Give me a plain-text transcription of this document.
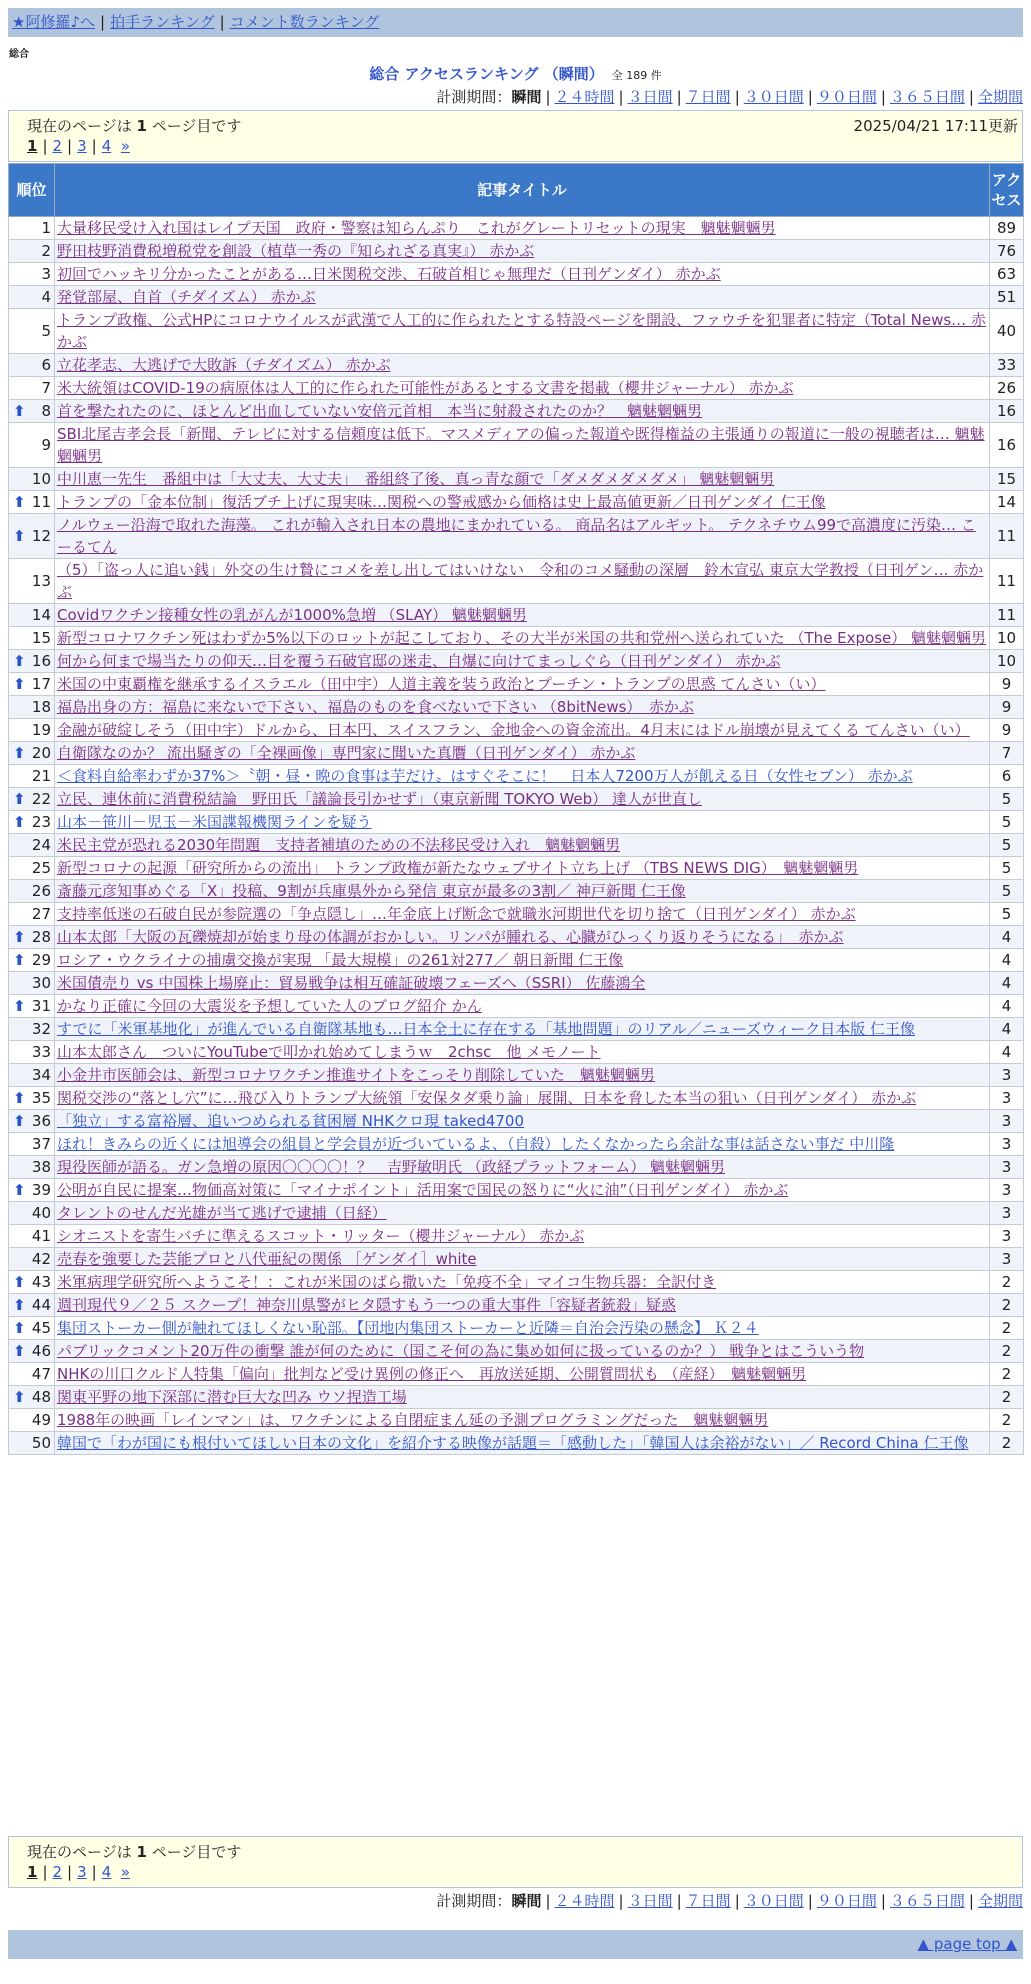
★阿修羅♪へ | 拍手ランキング | コメント数ランキング
総合
総合 アクセスランキング （瞬間） 全 189 件
計測期間：瞬間 | ２４時間 | ３日間 | ７日間 | ３０日間 | ９０日間 | ３６５日間 | 全期間
現在のページは 1 ページ目です	2025/04/21 17:11更新
1 | 2 | 3 | 4 »
順位	記事タイトル	アクセス
1	大量移民受け入れ国はレイプ天国　政府・警察は知らんぷり　これがグレートリセットの現実　魑魅魍魎男	89
2	野田枝野消費税増税党を創設（植草一秀の『知られざる真実』） 赤かぶ	76
3	初回でハッキリ分かったことがある…日米関税交渉、石破首相じゃ無理だ（日刊ゲンダイ） 赤かぶ	63
4	発覚部屋、自首（チダイズム） 赤かぶ	51
5	トランプ政権、公式HPにコロナウイルスが武漢で人工的に作られたとする特設ページを開設、ファウチを犯罪者に特定（Total News… 赤かぶ	40
6	立花孝志、大逃げで大敗訴（チダイズム） 赤かぶ	33
7	米大統領はCOVID-19の病原体は人工的に作られた可能性があるとする文書を掲載（櫻井ジャーナル） 赤かぶ	26

⬆ 8	首を撃たれたのに、ほとんど出血していない安倍元首相　本当に射殺されたのか？　魑魅魍魎男	16
9	SBI北尾吉孝会長「新聞、テレビに対する信頼度は低下。マスメディアの偏った報道や既得権益の主張通りの報道に一般の視聴者は… 魑魅魍魎男	16
10	中川恵一先生　番組中は「大丈夫、大丈夫」　番組終了後、真っ青な顔で「ダメダメダメダメ」 魑魅魍魎男	15

⬆ 11	トランプの「金本位制」復活ブチ上げに現実味…関税への警戒感から価格は史上最高値更新／日刊ゲンダイ 仁王像	14

⬆ 12	ノルウェー沿海で取れた海藻。 これが輸入され日本の農地にまかれている。 商品名はアルギット。 テクネチウム99で高濃度に汚染… こーるてん	11
13	（5）「盗っ人に追い銭」外交の生け贄にコメを差し出してはいけない　令和のコメ騒動の深層　鈴木宣弘 東京大学教授（日刊ゲン… 赤かぶ	11
14	Covidワクチン接種女性の乳がんが1000%急増 （SLAY） 魑魅魍魎男	11
15	新型コロナワクチン死はわずか5%以下のロットが起こしており、その大半が米国の共和党州へ送られていた （The Expose） 魑魅魍魎男	10

⬆ 16	何から何まで場当たりの仰天…目を覆う石破官邸の迷走、自爆に向けてまっしぐら（日刊ゲンダイ） 赤かぶ	10

⬆ 17	米国の中東覇権を継承するイスラエル（田中宇）人道主義を装う政治とプーチン・トランプの思惑 てんさい（い）	9
18	福島出身の方：福島に来ないで下さい、福島のものを食べないで下さい （8bitNews）　赤かぶ	9
19	金融が破綻しそう（田中宇）ドルから、日本円、スイスフラン、金地金への資金流出。4月末にはドル崩壊が見えてくる てんさい（い）	9

⬆ 20	自衛隊なのか？ 流出騒ぎの「全裸画像」専門家に聞いた真贋（日刊ゲンダイ） 赤かぶ	7
21	＜食料自給率わずか37%＞〝朝・昼・晩の食事は芋だけ〟はすぐそこに！　日本人7200万人が飢える日（女性セブン） 赤かぶ	6

⬆ 22	立民、連休前に消費税結論　野田氏「議論長引かせず」（東京新聞 TOKYO Web） 達人が世直し	5

⬆ 23	山本－笹川－児玉－米国諜報機関ラインを疑う	5
24	米民主党が恐れる2030年問題　支持者補填のための不法移民受け入れ　魑魅魍魎男	5
25	新型コロナの起源「研究所からの流出」 トランプ政権が新たなウェブサイト立ち上げ （TBS NEWS DIG）　魑魅魍魎男	5
26	斎藤元彦知事めぐる「X」投稿、9割が兵庫県外から発信 東京が最多の3割／ 神戸新聞 仁王像	5
27	支持率低迷の石破自民が参院選の「争点隠し」…年金底上げ断念で就職氷河期世代を切り捨て（日刊ゲンダイ） 赤かぶ	5

⬆ 28	山本太郎「大阪の瓦礫焼却が始まり母の体調がおかしい。リンパが腫れる、心臓がひっくり返りそうになる」　赤かぶ	4

⬆ 29	ロシア・ウクライナの捕虜交換が実現 「最大規模」の261対277／ 朝日新聞 仁王像	4
30	米国債売り vs 中国株上場廃止：貿易戦争は相互確証破壊フェーズへ（SSRI） 佐藤鴻全	4

⬆ 31	かなり正確に今回の大震災を予想していた人のブログ紹介 かん	4
32	すでに「米軍基地化」が進んでいる自衛隊基地も…日本全土に存在する「基地問題」のリアル／ニューズウィーク日本版 仁王像	4
33	山本太郎さん　ついにYouTubeで叩かれ始めてしまうｗ　2chsc　他 メモノート	4
34	小金井市医師会は、新型コロナワクチン推進サイトをこっそり削除していた　魑魅魍魎男	3

⬆ 35	関税交渉の“落とし穴”に…飛び入りトランプ大統領「安保タダ乗り論」展開、日本を脅した本当の狙い（日刊ゲンダイ） 赤かぶ	3

⬆ 36	「独立」する富裕層、追いつめられる貧困層 NHKクロ現 taked4700	3
37	ほれ！きみらの近くには旭導会の組員と学会員が近づいているよ、（自殺）したくなかったら余計な事は話さない事だ 中川隆	3
38	現役医師が語る。ガン急増の原因〇〇〇〇！？　吉野敏明氏 （政経プラットフォーム） 魑魅魍魎男	3

⬆ 39	公明が自民に提案…物価高対策に「マイナポイント」活用案で国民の怒りに“火に油”（日刊ゲンダイ） 赤かぶ	3
40	タレントのせんだ光雄が当て逃げで逮捕（日経）	3
41	シオニストを寄生バチに準えるスコット・リッター（櫻井ジャーナル） 赤かぶ	3
42	売春を強要した芸能プロと八代亜紀の関係 ［ゲンダイ］white	3

⬆ 43	米軍病理学研究所へようこそ！：これが米国のばら撒いた「免疫不全」マイコ生物兵器：全訳付き	2

⬆ 44	週刊現代９／２５ スクープ！神奈川県警がヒタ隠すもう一つの重大事件「容疑者銃殺」疑惑	2

⬆ 45	集団ストーカー側が触れてほしくない恥部。【団地内集団ストーカーと近隣＝自治会汚染の懸念】 Ｋ２４	2

⬆ 46	パブリックコメント20万件の衝撃 誰が何のために（国こそ何の為に集め如何に扱っているのか？） 戦争とはこういう物	2
47	NHKの川口クルド人特集「偏向」批判など受け異例の修正へ　再放送延期、公開質問状も （産経）　魑魅魍魎男	2

⬆ 48	関東平野の地下深部に潜む巨大な凹み ウソ捏造工場	2
49	1988年の映画「レインマン」は、ワクチンによる自閉症まん延の予測プログラミングだった　魑魅魍魎男	2
50	韓国で「わが国にも根付いてほしい日本の文化」を紹介する映像が話題＝「感動した」「韓国人は余裕がない」／ Record China 仁王像	2
現在のページは 1 ページ目です
1 | 2 | 3 | 4 »
計測期間：瞬間 | ２４時間 | ３日間 | ７日間 | ３０日間 | ９０日間 | ３６５日間 | 全期間
▲ page top ▲
